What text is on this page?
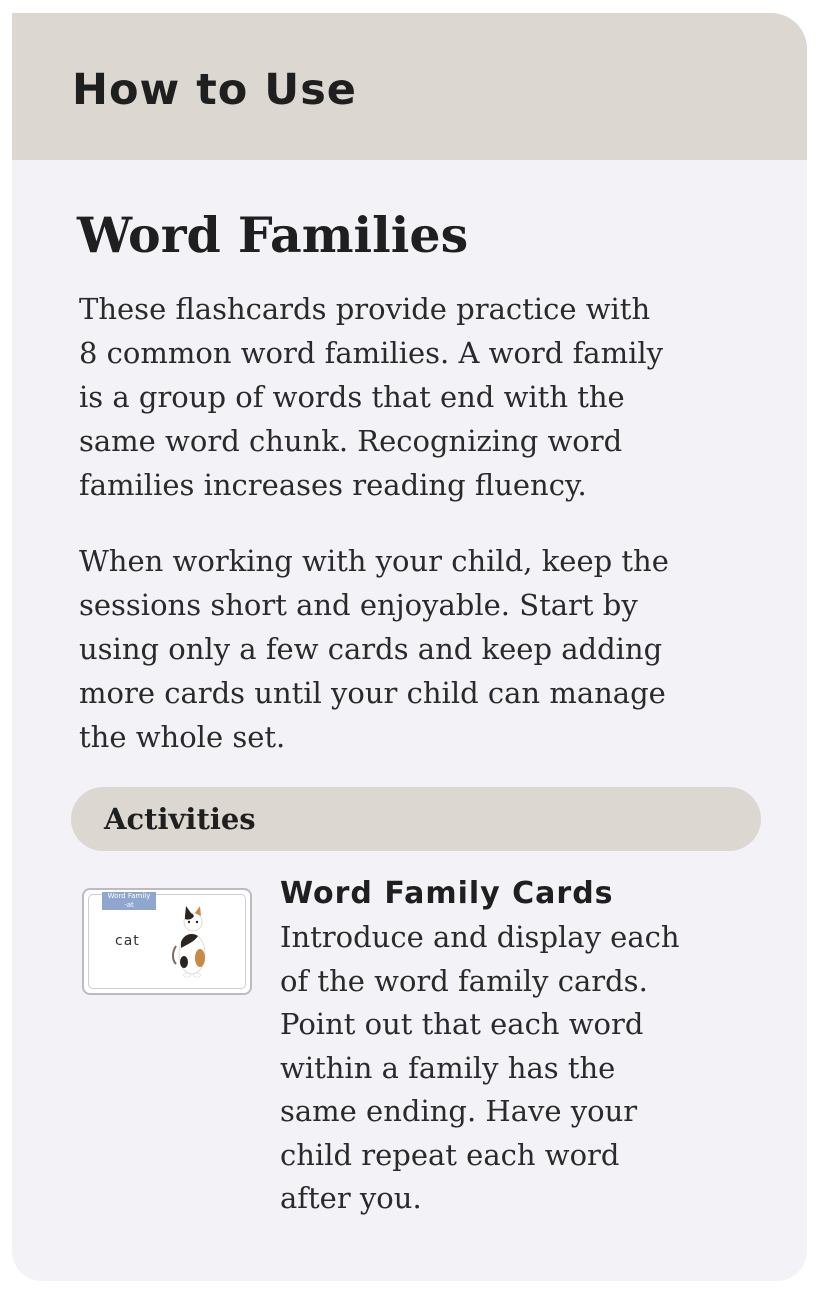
How to Use
Word Families

These flashcards provide practice with
8 common word families. A word family
is a group of words that end with the
same word chunk. Recognizing word
families increases reading fluency.

When working with your child, keep the
sessions short and enjoyable. Start by
using only a few cards and keep adding
more cards until your child can manage
the whole set.

Activities
Word Family
-at
cat
Word Family Cards

Introduce and display each
of the word family cards.
Point out that each word
within a family has the
same ending. Have your
child repeat each word
after you.
